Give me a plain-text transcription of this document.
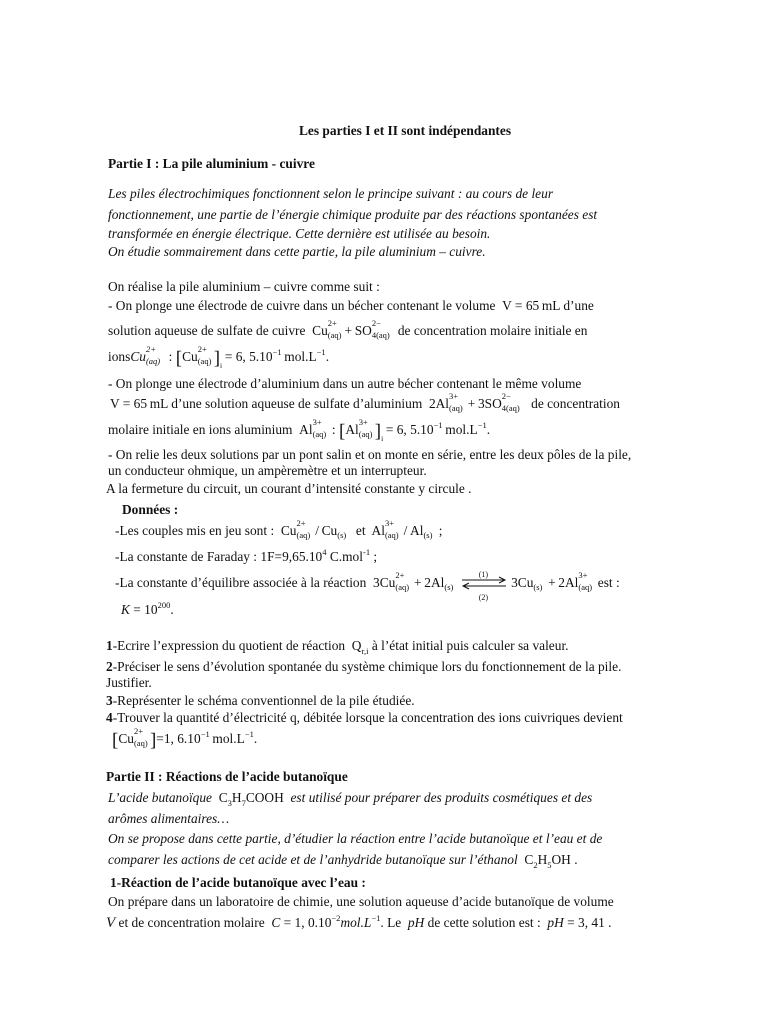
Les parties I et II sont indépendantes
Partie I : La pile aluminium - cuivre
Les piles électrochimiques fonctionnent selon le principe suivant : au cours de leur
fonctionnement, une partie de l’énergie chimique produite par des réactions spontanées est
transformée en énergie électrique. Cette dernière est utilisée au besoin.
On étudie sommairement dans cette partie, la pile aluminium – cuivre.
On réalise la pile aluminium – cuivre comme suit :
- On plonge une électrode de cuivre dans un bécher contenant le volume  V = 65 mL d’une
solution aqueuse de sulfate de cuivre  Cu 2+
(aq)  + SO 2−
4(aq) de concentration molaire initiale en
ionsCu 2+
(aq) : [Cu 2+
(aq) ]$_i = 6$, $5.10^{-1}$ $mol.L^{-1}$.
- On plonge une électrode d’aluminium dans un autre bécher contenant le même volume
V = 65 mL d’une solution aqueuse de sulfate d’aluminium  2Al 3+
(aq)  + 3SO 2−
4(aq) de concentration
molaire initiale en ions aluminium  Al 3+
(aq) : [Al 3+
(aq) ]$_i = 6$, $5.10^{-1}$ $mol.L^{-1}$.
- On relie les deux solutions par un pont salin et on monte en série, entre les deux pôles de la pile,
un conducteur ohmique, un ampèremètre et un interrupteur.
A la fermeture du circuit, un courant d’intensité constante y circule .
Données :
-Les couples mis en jeu sont :  Cu 2+
(aq)  / Cu (s) et  Al 3+
(aq)  / Al (s) ;
-La constante de Faraday : $1F=9,65.10^4$ C.mol$^{-1}$ ;
-La constante d’équilibre associée à la réaction  3Cu 2+
(aq)  + 2Al (s)

(1)
(2)
3Cu (s)  + 2Al 3+
(aq) est :
$K = 10^{200}$.
1-Ecrire l’expression du quotient de réaction  $Q_{r,i}$ à l’état initial puis calculer sa valeur.
2-Préciser le sens d’évolution spontanée du système chimique lors du fonctionnement de la pile.
Justifier.
3-Représenter le schéma conventionnel de la pile étudiée.
4-Trouver la quantité d’électricité q, débitée lorsque la concentration des ions cuivriques devient
[Cu 2+
(aq) ]=1, $6.10^{-1}$ $mol.L^{-1}$.
Partie II : Réactions de l’acide butanoïque
L’acide butanoïque  $C_3H_7COOH$  est utilisé pour préparer des produits cosmétiques et des
arômes alimentaires…
On se propose dans cette partie, d’étudier la réaction entre l’acide butanoïque et l’eau et de
comparer les actions de cet acide et de l’anhydride butanoïque sur l’éthanol  $C_2H_5OH$ .
1-Réaction de l’acide butanoïque avec l’eau :
On prépare dans un laboratoire de chimie, une solution aqueuse d’acide butanoïque de volume
V et de concentration molaire C = 1, $0.10^{-2}mol.L^{-1}$. Le  pH de cette solution est : pH = 3, 41 .
